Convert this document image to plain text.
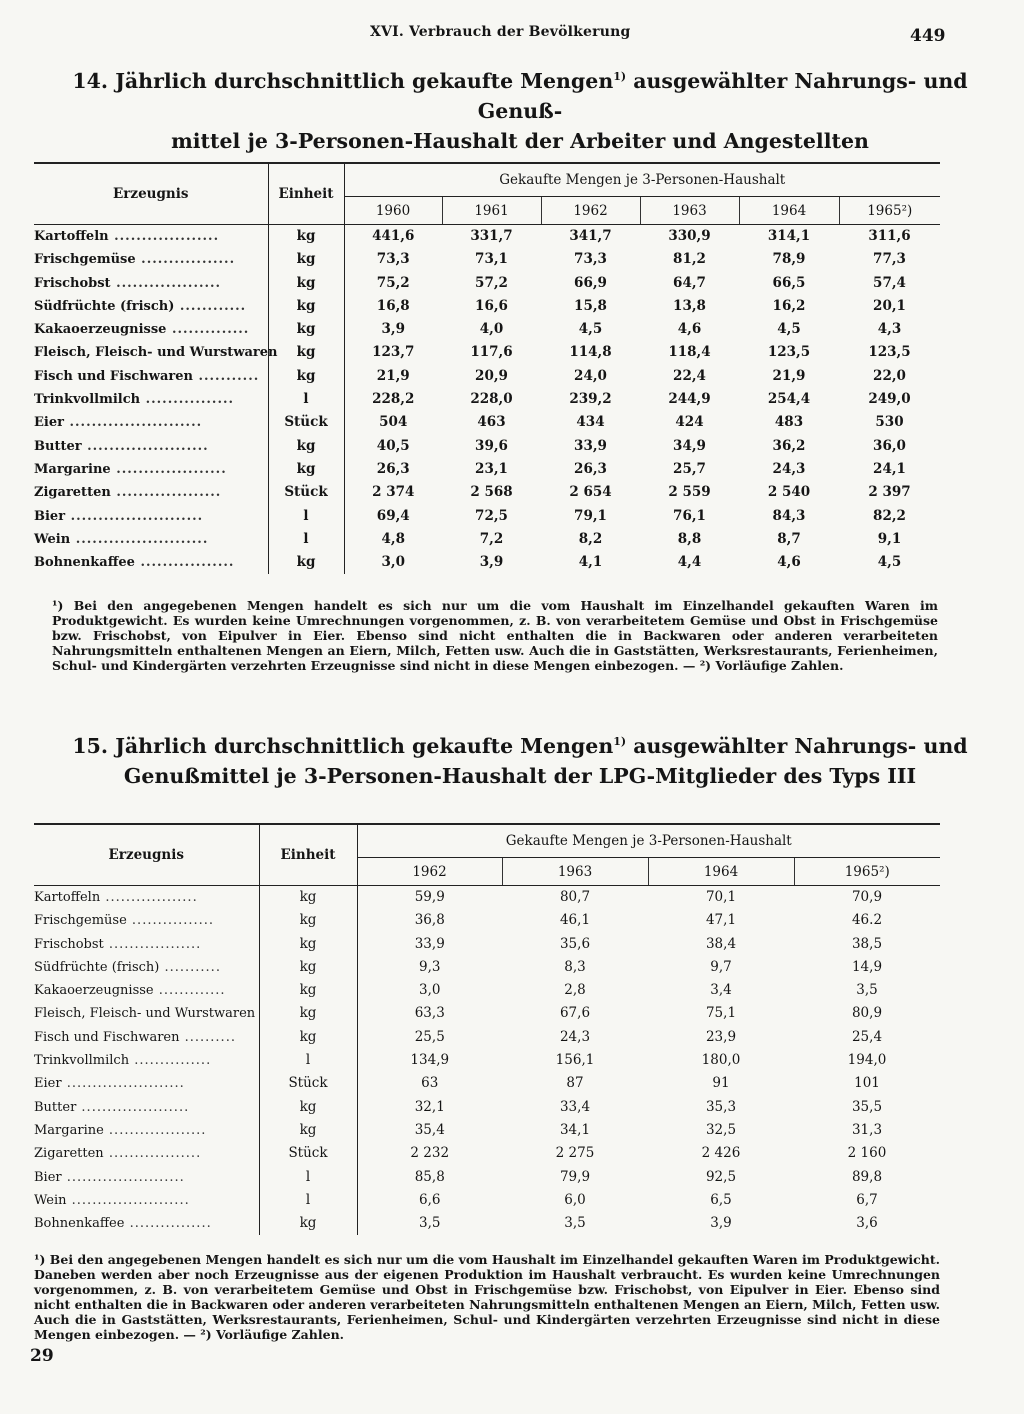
XVI. Verbrauch der Bevölkerung	449
14. Jährlich durchschnittlich gekaufte Mengen$^{1)}$ ausgewählter Nahrungs- und Genuß-
mittel je 3-Personen-Haushalt der Arbeiter und Angestellten
Erzeugnis	Einheit	Gekaufte Mengen je 3-Personen-Haushalt					
		1960	1961	1962	1963	1964	1965²)
Kartoffeln ...................	kg	441,6	331,7	341,7	330,9	314,1	311,6
Frischgemüse .................	kg	73,3	73,1	73,3	81,2	78,9	77,3
Frischobst ...................	kg	75,2	57,2	66,9	64,7	66,5	57,4
Südfrüchte (frisch) ............	kg	16,8	16,6	15,8	13,8	16,2	20,1
Kakaoerzeugnisse ..............	kg	3,9	4,0	4,5	4,6	4,5	4,3
Fleisch, Fleisch- und Wurstwaren	kg	123,7	117,6	114,8	118,4	123,5	123,5
Fisch und Fischwaren ...........	kg	21,9	20,9	24,0	22,4	21,9	22,0
Trinkvollmilch ................	l	228,2	228,0	239,2	244,9	254,4	249,0
Eier ........................	Stück	504	463	434	424	483	530
Butter ......................	kg	40,5	39,6	33,9	34,9	36,2	36,0
Margarine ....................	kg	26,3	23,1	26,3	25,7	24,3	24,1
Zigaretten ...................	Stück	2 374	2 568	2 654	2 559	2 540	2 397
Bier ........................	l	69,4	72,5	79,1	76,1	84,3	82,2
Wein ........................	l	4,8	7,2	8,2	8,8	8,7	9,1
Bohnenkaffee .................	kg	3,0	3,9	4,1	4,4	4,6	4,5
¹) Bei den angegebenen Mengen handelt es sich nur um die vom Haushalt im Einzelhandel gekauften Waren im Produktgewicht. Es wurden keine Umrechnungen vorgenommen, z. B. von verarbeitetem Gemüse und Obst in Frischgemüse bzw. Frischobst, von Eipulver in Eier. Ebenso sind nicht enthalten die in Backwaren oder anderen verarbeiteten Nahrungsmitteln enthaltenen Mengen an Eiern, Milch, Fetten usw. Auch die in Gaststätten, Werksrestaurants, Ferienheimen, Schul- und Kindergärten verzehrten Erzeugnisse sind nicht in diese Mengen einbezogen. — ²) Vorläufige Zahlen.
15. Jährlich durchschnittlich gekaufte Mengen$^{1)}$ ausgewählter Nahrungs- und
Genußmittel je 3-Personen-Haushalt der LPG-Mitglieder des Typs III
Erzeugnis	Einheit	Gekaufte Mengen je 3-Personen-Haushalt			
		1962	1963	1964	1965²)
Kartoffeln ..................	kg	59,9	80,7	70,1	70,9
Frischgemüse ................	kg	36,8	46,1	47,1	46.2
Frischobst ..................	kg	33,9	35,6	38,4	38,5
Südfrüchte (frisch) ...........	kg	9,3	8,3	9,7	14,9
Kakaoerzeugnisse .............	kg	3,0	2,8	3,4	3,5
Fleisch, Fleisch- und Wurstwaren	kg	63,3	67,6	75,1	80,9
Fisch und Fischwaren ..........	kg	25,5	24,3	23,9	25,4
Trinkvollmilch ...............	l	134,9	156,1	180,0	194,0
Eier .......................	Stück	63	87	91	101
Butter .....................	kg	32,1	33,4	35,3	35,5
Margarine ...................	kg	35,4	34,1	32,5	31,3
Zigaretten ..................	Stück	2 232	2 275	2 426	2 160
Bier .......................	l	85,8	79,9	92,5	89,8
Wein .......................	l	6,6	6,0	6,5	6,7
Bohnenkaffee ................	kg	3,5	3,5	3,9	3,6
¹) Bei den angegebenen Mengen handelt es sich nur um die vom Haushalt im Einzelhandel gekauften Waren im Produktgewicht. Daneben werden aber noch Erzeugnisse aus der eigenen Produktion im Haushalt verbraucht. Es wurden keine Umrechnungen vorgenommen, z. B. von verarbeitetem Gemüse und Obst in Frischgemüse bzw. Frischobst, von Eipulver in Eier. Ebenso sind nicht enthalten die in Backwaren oder anderen verarbeiteten Nahrungsmitteln enthaltenen Mengen an Eiern, Milch, Fetten usw. Auch die in Gaststätten, Werksrestaurants, Ferienheimen, Schul- und Kindergärten verzehrten Erzeugnisse sind nicht in diese Mengen einbezogen. — ²) Vorläufige Zahlen.
29
